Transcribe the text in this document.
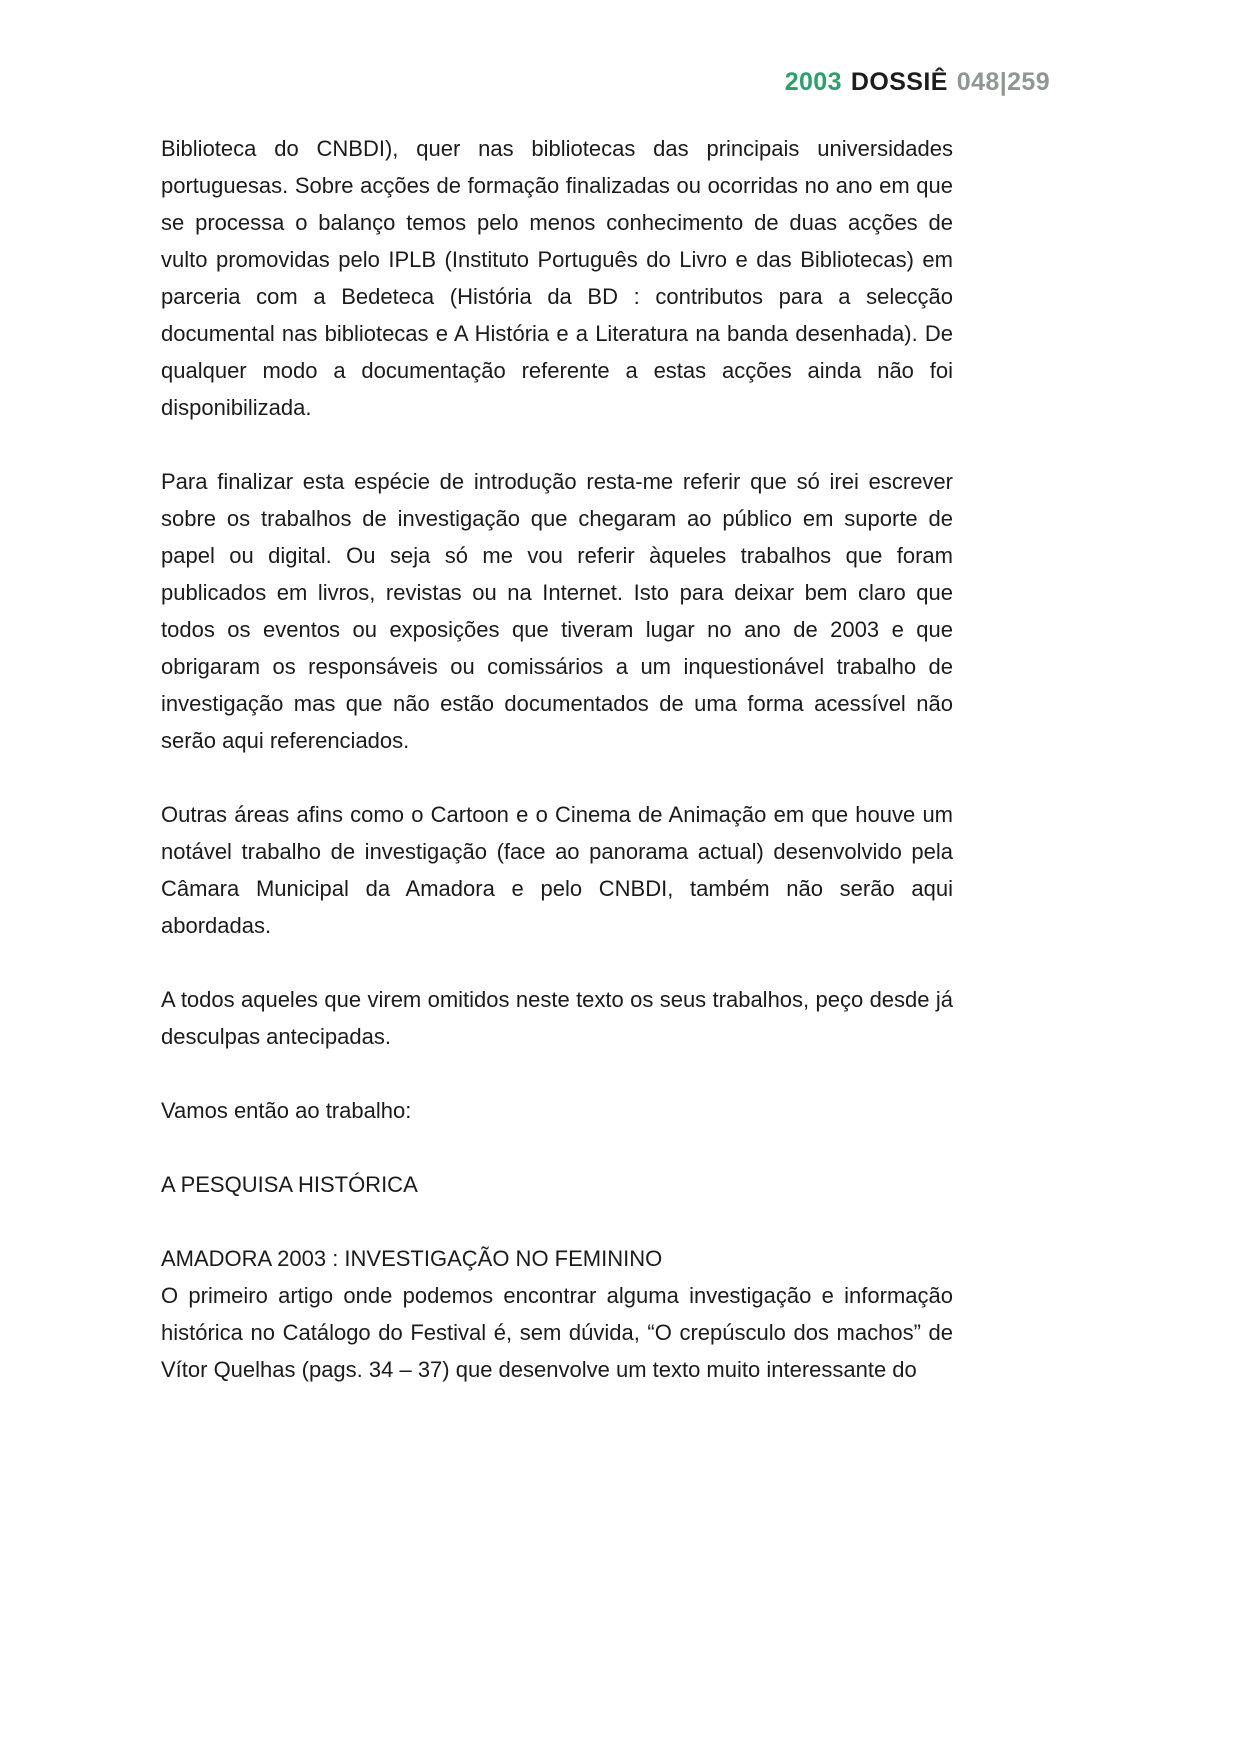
2003 DOSSIÊ 048|259

Biblioteca do CNBDI), quer nas bibliotecas das principais universidades portuguesas. Sobre acções de formação finalizadas ou ocorridas no ano em que se processa o balanço temos pelo menos conhecimento de duas acções de vulto promovidas pelo IPLB (Instituto Português do Livro e das Bibliotecas) em parceria com a Bedeteca (História da BD : contributos para a selecção documental nas bibliotecas e A História e a Literatura na banda desenhada). De qualquer modo a documentação referente a estas acções ainda não foi disponibilizada.

Para finalizar esta espécie de introdução resta-me referir que só irei escrever sobre os trabalhos de investigação que chegaram ao público em suporte de papel ou digital. Ou seja só me vou referir àqueles trabalhos que foram publicados em livros, revistas ou na Internet. Isto para deixar bem claro que todos os eventos ou exposições que tiveram lugar no ano de 2003 e que obrigaram os responsáveis ou comissários a um inquestionável trabalho de investigação mas que não estão documentados de uma forma acessível não serão aqui referenciados.

Outras áreas afins como o Cartoon e o Cinema de Animação em que houve um notável trabalho de investigação (face ao panorama actual) desenvolvido pela Câmara Municipal da Amadora e pelo CNBDI, também não serão aqui abordadas.

A todos aqueles que virem omitidos neste texto os seus trabalhos, peço desde já desculpas antecipadas.

Vamos então ao trabalho:

A PESQUISA HISTÓRICA

AMADORA 2003 : INVESTIGAÇÃO NO FEMININO

O primeiro artigo onde podemos encontrar alguma investigação e informação histórica no Catálogo do Festival é, sem dúvida, “O crepúsculo dos machos” de Vítor Quelhas (pags. 34 – 37) que desenvolve um texto muito interessante do
